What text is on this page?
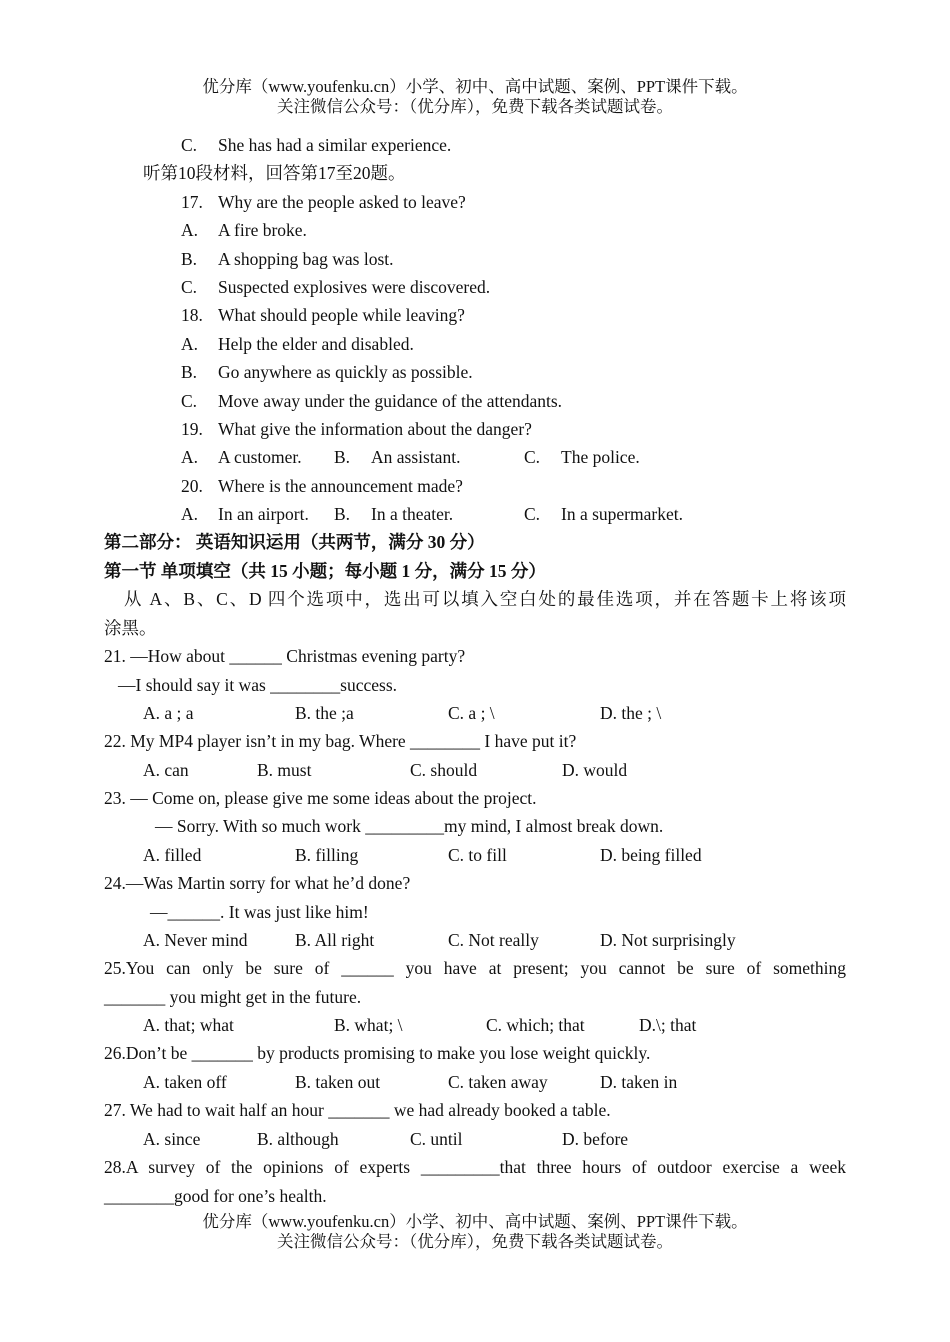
优分库（www.youfenku.cn）小学、初中、高中试题、案例、PPT课件下载。
关注微信公众号：（优分库），免费下载各类试题试卷。
C. She has had a similar experience.
听第10段材料，回答第17至20题。
17. Why are the people asked to leave?
A. A fire broke.
B. A shopping bag was lost.
C. Suspected explosives were discovered.
18. What should people while leaving?
A. Help the elder and disabled.
B. Go anywhere as quickly as possible.
C. Move away under the guidance of the attendants.
19. What give the information about the danger?
A. A customer. B. An assistant.	C. The police.
20. Where is the announcement made?
A. In an airport. B. In a theater.	C. In a supermarket.
第二部分： 英语知识运用（共两节，满分 30 分）
第一节 单项填空（共 15 小题；每小题 1 分，满分 15 分）
从 A、B、C、D 四个选项中，选出可以填入空白处的最佳选项，并在答题卡上将该项
涂黑。
21. —How about ______ Christmas evening party?
—I should say it was ________success.
A. a ; a	B. the ;a	C. a ; \	D. the ; \
22. My MP4 player isn’t in my bag. Where ________ I have put it?
A. can	B. must	C. should	D. would
23. — Come on, please give me some ideas about the project.
— Sorry. With so much work _________my mind, I almost break down.
A. filled	B. filling	C. to fill	D. being filled
24.—Was Martin sorry for what he’d done?
—______. It was just like him!
A. Never mind	B. All right	C. Not really	D. Not surprisingly
25.You can only be sure of ______ you have at present; you cannot be sure of something
_______ you might get in the future.
A. that; what	B. what; \	C. which; that	D.\; that
26.Don’t be _______ by products promising to make you lose weight quickly.
A. taken off	B. taken out	C. taken away	D. taken in
27. We had to wait half an hour _______ we had already booked a table.
A. since	B. although	C. until	D. before
28.A survey of the opinions of experts _________that three hours of outdoor exercise a week
________good for one’s health.
优分库（www.youfenku.cn）小学、初中、高中试题、案例、PPT课件下载。
关注微信公众号：（优分库），免费下载各类试题试卷。
